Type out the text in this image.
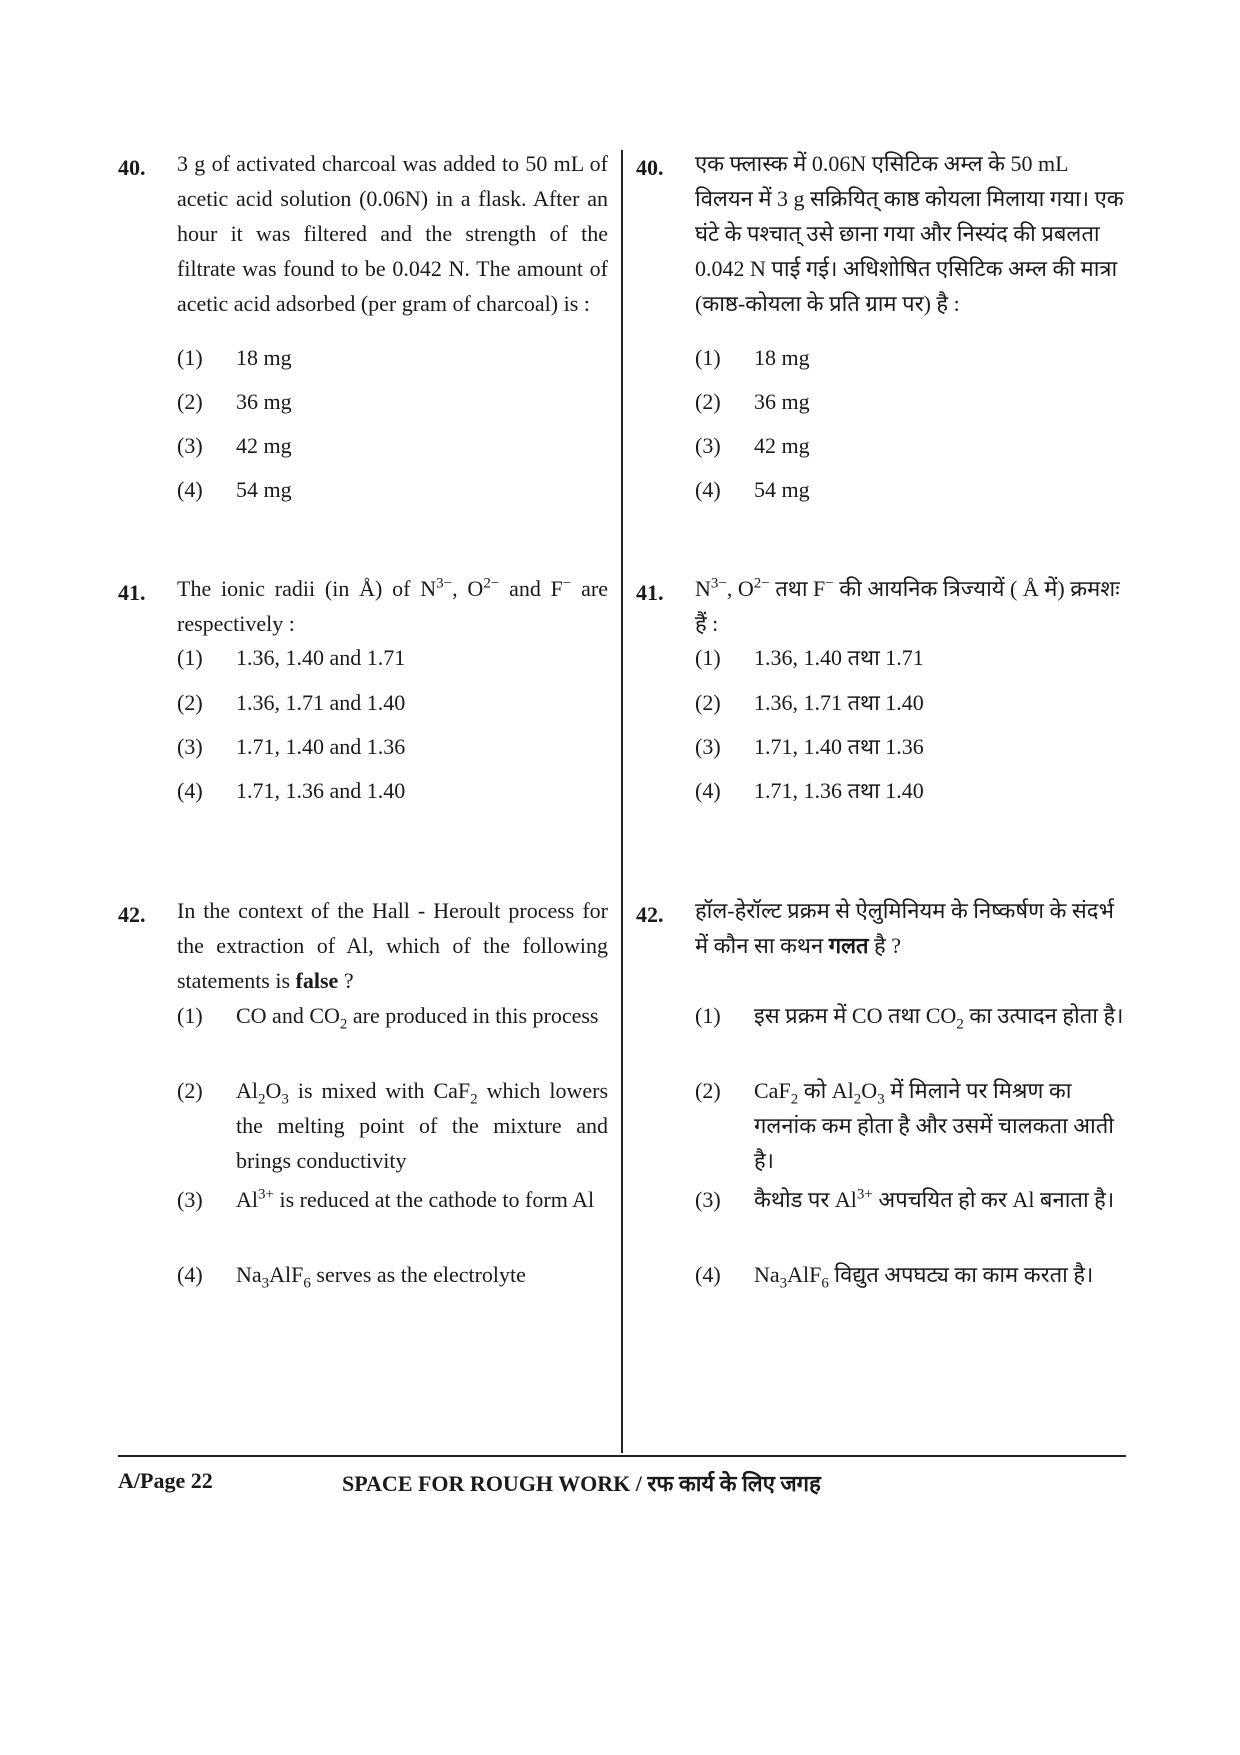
40. 3 g of activated charcoal was added to 50 mL of acetic acid solution (0.06N) in a flask. After an hour it was filtered and the strength of the filtrate was found to be 0.042 N. The amount of acetic acid adsorbed (per gram of charcoal) is :
(1) 18 mg
(2) 36 mg
(3) 42 mg
(4) 54 mg
41. The ionic radii (in Å) of $N^{3-}$, $O^{2-}$ and F− are respectively :
(1) 1.36, 1.40 and 1.71
(2) 1.36, 1.71 and 1.40
(3) 1.71, 1.40 and 1.36
(4) 1.71, 1.36 and 1.40
42. In the context of the Hall - Heroult process for the extraction of Al, which of the following statements is false ?
(1) CO and $CO_2$ are produced in this process
(2) $Al_2O_3$ is mixed with CaF$_2$ which lowers the melting point of the mixture and brings conductivity
(3) $Al^{3+}$ is reduced at the cathode to form Al
(4) $Na_3AlF_6$ serves as the electrolyte
40. एक फ्लास्क में 0.06N एसिटिक अम्ल के 50 mL विलयन में 3 g सक्रियित् काष्ठ कोयला मिलाया गया। एक घंटे के पश्चात् उसे छाना गया और निस्यंद की प्रबलता 0.042 N पाई गई। अधिशोषित एसिटिक अम्ल की मात्रा (काष्ठ-कोयला के प्रति ग्राम पर) है :
(1) 18 mg
(2) 36 mg
(3) 42 mg
(4) 54 mg
41. $N^{3-}$, $O^{2-}$ तथा F− की आयनिक त्रिज्यायें ( Å में) क्रमशः हैं :
(1) 1.36, 1.40 तथा 1.71
(2) 1.36, 1.71 तथा 1.40
(3) 1.71, 1.40 तथा 1.36
(4) 1.71, 1.36 तथा 1.40
42. हॉल-हेरॉल्ट प्रक्रम से ऐलुमिनियम के निष्कर्षण के संदर्भ में कौन सा कथन गलत है ?
(1) इस प्रक्रम में CO तथा $CO_2$ का उत्पादन होता है।
(2) CaF$_2$ को $Al_2O_3$ में मिलाने पर मिश्रण का गलनांक कम होता है और उसमें चालकता आती है।
(3) कैथोड पर $Al^{3+}$ अपचयित हो कर Al बनाता है।
(4) $Na_3AlF_6$ विद्युत अपघट्य का काम करता है।
A/Page 22	SPACE FOR ROUGH WORK / रफ कार्य के लिए जगह
